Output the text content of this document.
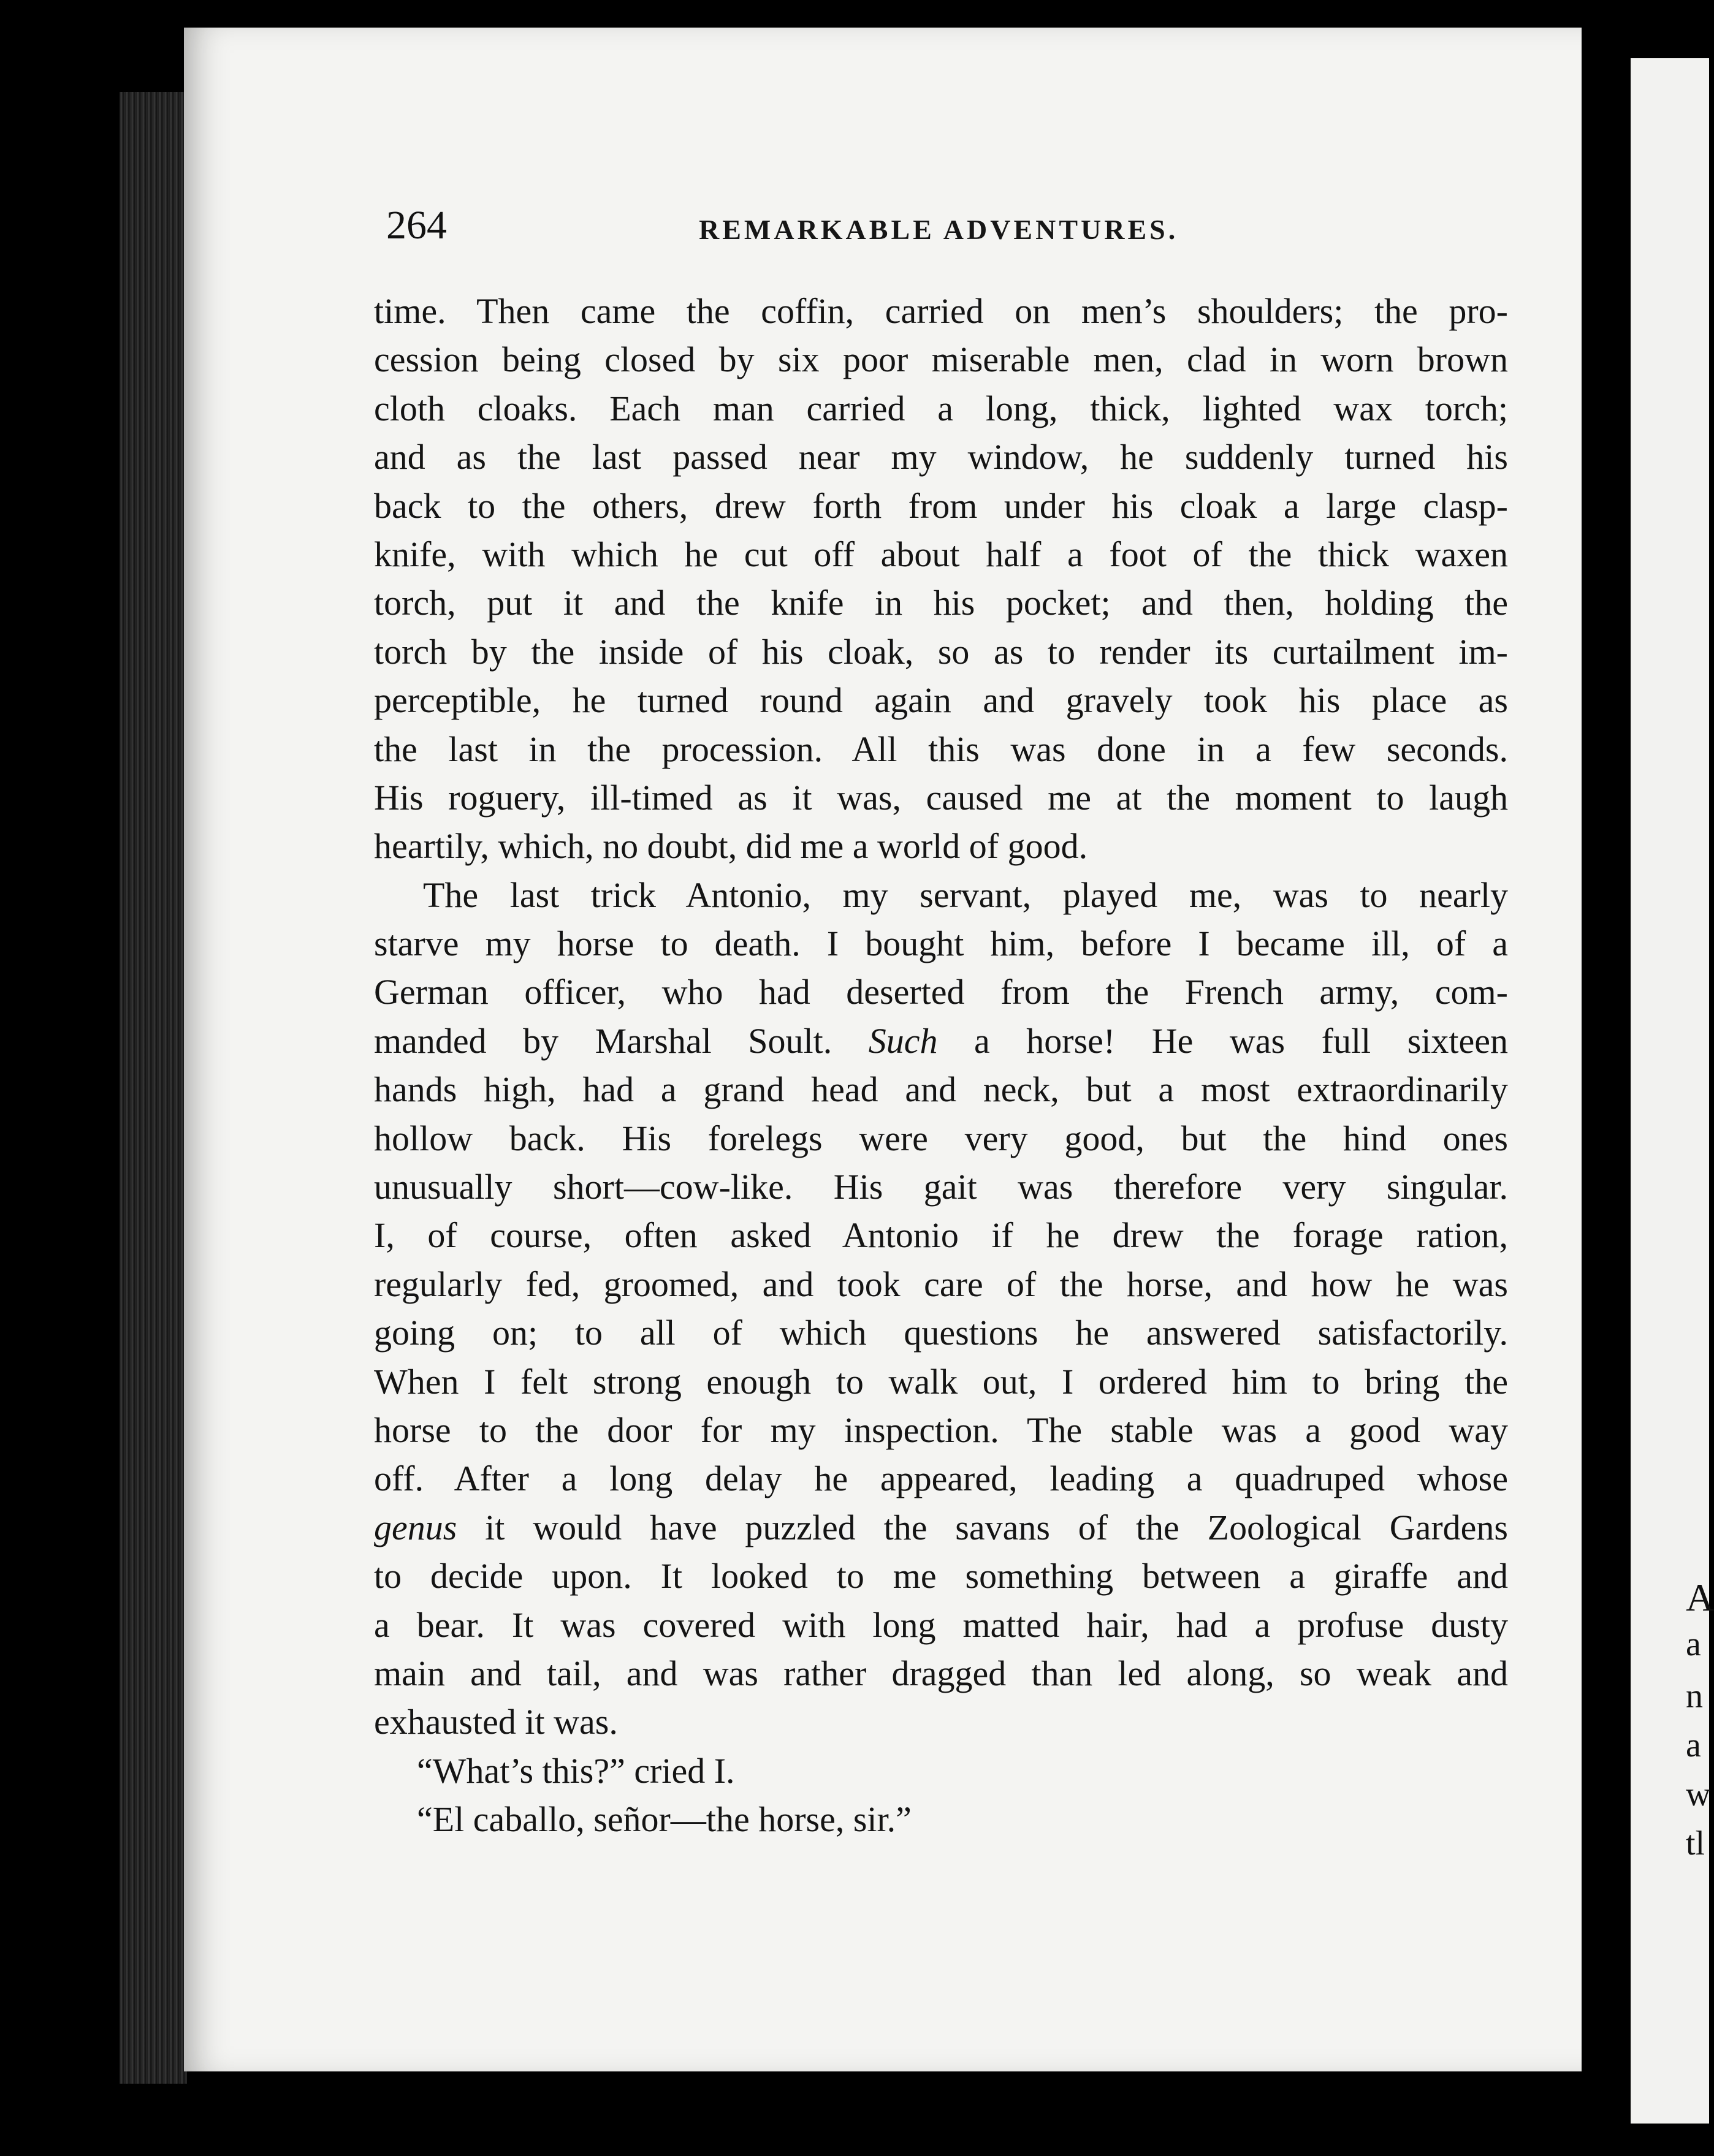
A
a
n
a
w
tl
264	REMARKABLE ADVENTURES.
time. Then came the coffin, carried on men’s shoulders; the pro-
cession being closed by six poor miserable men, clad in worn brown
cloth cloaks. Each man carried a long, thick, lighted wax torch;
and as the last passed near my window, he suddenly turned his
back to the others, drew forth from under his cloak a large clasp-
knife, with which he cut off about half a foot of the thick waxen
torch, put it and the knife in his pocket; and then, holding the
torch by the inside of his cloak, so as to render its curtailment im-
perceptible, he turned round again and gravely took his place as
the last in the procession. All this was done in a few seconds.
His roguery, ill-timed as it was, caused me at the moment to laugh
heartily, which, no doubt, did me a world of good.
The last trick Antonio, my servant, played me, was to nearly
starve my horse to death. I bought him, before I became ill, of a
German officer, who had deserted from the French army, com-
manded by Marshal Soult. Such a horse! He was full sixteen
hands high, had a grand head and neck, but a most extraordinarily
hollow back. His forelegs were very good, but the hind ones
unusually short—cow-like. His gait was therefore very singular.
I, of course, often asked Antonio if he drew the forage ration,
regularly fed, groomed, and took care of the horse, and how he was
going on; to all of which questions he answered satisfactorily.
When I felt strong enough to walk out, I ordered him to bring the
horse to the door for my inspection. The stable was a good way
off. After a long delay he appeared, leading a quadruped whose
genus it would have puzzled the savans of the Zoological Gardens
to decide upon. It looked to me something between a giraffe and
a bear. It was covered with long matted hair, had a profuse dusty
main and tail, and was rather dragged than led along, so weak and
exhausted it was.
“What’s this?” cried I.
“El caballo, señor—the horse, sir.”
